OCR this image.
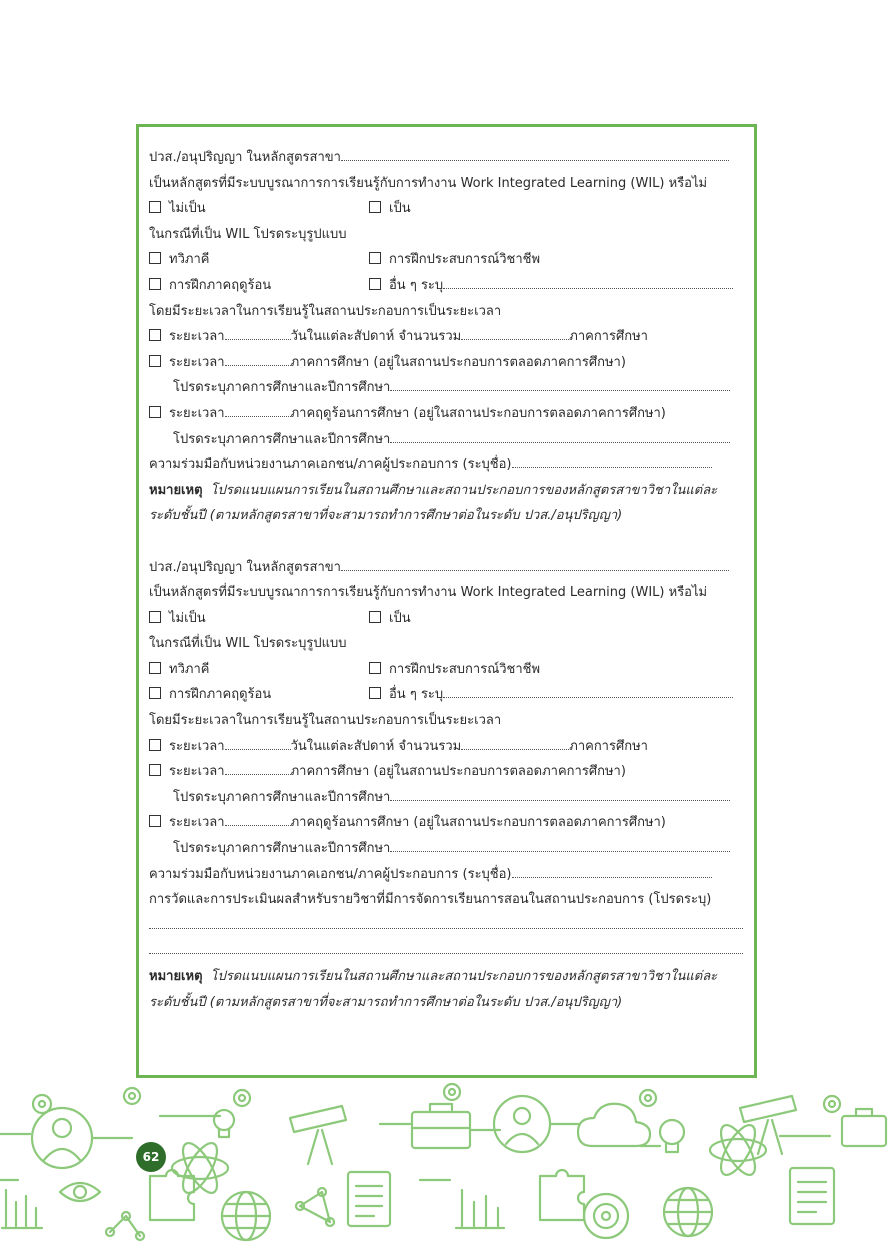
ปวส./อนุปริญญา ในหลักสูตรสาขา
เป็นหลักสูตรที่มีระบบบูรณาการการเรียนรู้กับการทำงาน Work Integrated Learning (WIL) หรือไม่
ไม่เป็น	เป็น
ในกรณีที่เป็น WIL โปรดระบุรูปแบบ
ทวิภาคี	การฝึกประสบการณ์วิชาชีพ
การฝึกภาคฤดูร้อน	อื่น ๆ ระบุ
โดยมีระยะเวลาในการเรียนรู้ในสถานประกอบการเป็นระยะเวลา
ระยะเวลา	วันในแต่ละสัปดาห์ จำนวนรวม	ภาคการศึกษา
ระยะเวลา	ภาคการศึกษา (อยู่ในสถานประกอบการตลอดภาคการศึกษา)
โปรดระบุภาคการศึกษาและปีการศึกษา
ระยะเวลา	ภาคฤดูร้อนการศึกษา (อยู่ในสถานประกอบการตลอดภาคการศึกษา)
โปรดระบุภาคการศึกษาและปีการศึกษา
ความร่วมมือกับหน่วยงานภาคเอกชน/ภาคผู้ประกอบการ (ระบุชื่อ)
หมายเหตุ โปรดแนบแผนการเรียนในสถานศึกษาและสถานประกอบการของหลักสูตรสาขาวิชาในแต่ละ
ระดับชั้นปี (ตามหลักสูตรสาขาที่จะสามารถทำการศึกษาต่อในระดับ ปวส./อนุปริญญา)
ปวส./อนุปริญญา ในหลักสูตรสาขา
เป็นหลักสูตรที่มีระบบบูรณาการการเรียนรู้กับการทำงาน Work Integrated Learning (WIL) หรือไม่
ไม่เป็น	เป็น
ในกรณีที่เป็น WIL โปรดระบุรูปแบบ
ทวิภาคี	การฝึกประสบการณ์วิชาชีพ
การฝึกภาคฤดูร้อน	อื่น ๆ ระบุ
โดยมีระยะเวลาในการเรียนรู้ในสถานประกอบการเป็นระยะเวลา
ระยะเวลา	วันในแต่ละสัปดาห์ จำนวนรวม	ภาคการศึกษา
ระยะเวลา	ภาคการศึกษา (อยู่ในสถานประกอบการตลอดภาคการศึกษา)
โปรดระบุภาคการศึกษาและปีการศึกษา
ระยะเวลา	ภาคฤดูร้อนการศึกษา (อยู่ในสถานประกอบการตลอดภาคการศึกษา)
โปรดระบุภาคการศึกษาและปีการศึกษา
ความร่วมมือกับหน่วยงานภาคเอกชน/ภาคผู้ประกอบการ (ระบุชื่อ)
การวัดและการประเมินผลสำหรับรายวิชาที่มีการจัดการเรียนการสอนในสถานประกอบการ (โปรดระบุ)
หมายเหตุ โปรดแนบแผนการเรียนในสถานศึกษาและสถานประกอบการของหลักสูตรสาขาวิชาในแต่ละ
ระดับชั้นปี (ตามหลักสูตรสาขาที่จะสามารถทำการศึกษาต่อในระดับ ปวส./อนุปริญญา)
62
